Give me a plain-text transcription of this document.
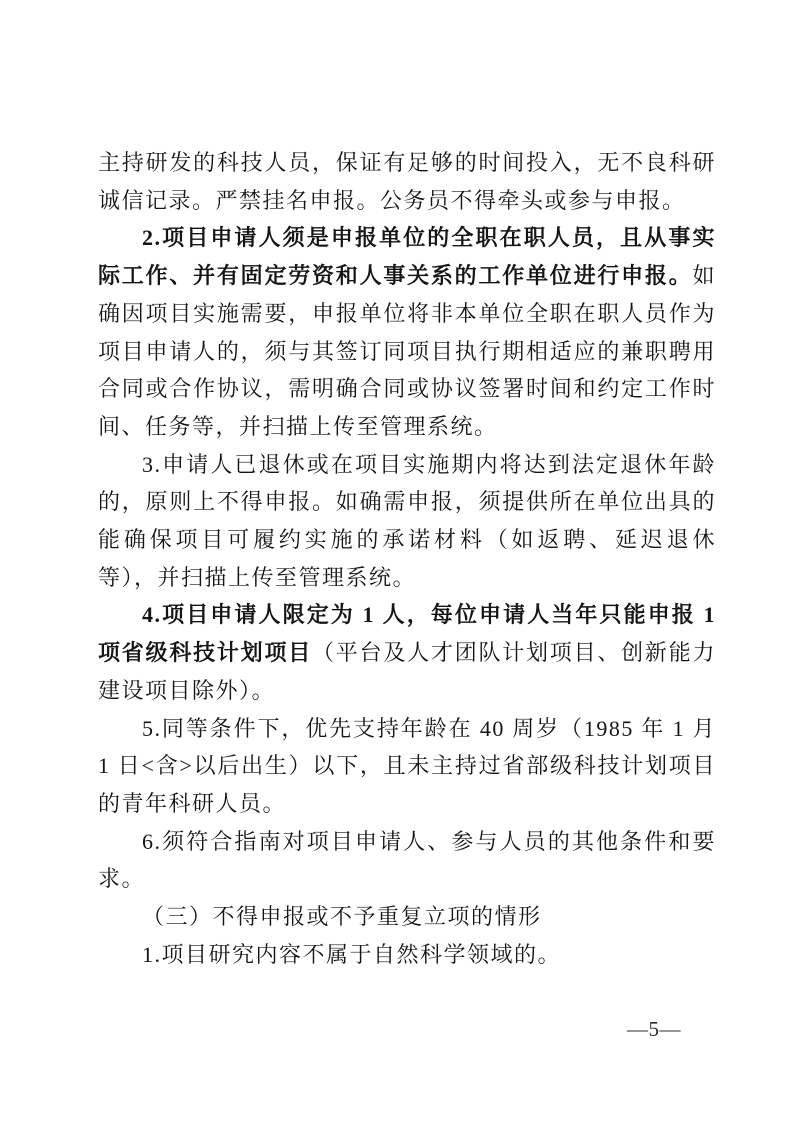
主持研发的科技人员，保证有足够的时间投入，无不良科研诚信记录。严禁挂名申报。公务员不得牵头或参与申报。

2.项目申请人须是申报单位的全职在职人员，且从事实际工作、并有固定劳资和人事关系的工作单位进行申报。如确因项目实施需要，申报单位将非本单位全职在职人员作为项目申请人的，须与其签订同项目执行期相适应的兼职聘用合同或合作协议，需明确合同或协议签署时间和约定工作时间、任务等，并扫描上传至管理系统。

3.申请人已退休或在项目实施期内将达到法定退休年龄的，原则上不得申报。如确需申报，须提供所在单位出具的能确保项目可履约实施的承诺材料（如返聘、延迟退休等），并扫描上传至管理系统。

4.项目申请人限定为 1 人，每位申请人当年只能申报 1 项省级科技计划项目（平台及人才团队计划项目、创新能力建设项目除外）。

5.同等条件下，优先支持年龄在 40 周岁（1985 年 1 月 1 日<含>以后出生）以下，且未主持过省部级科技计划项目的青年科研人员。

6.须符合指南对项目申请人、参与人员的其他条件和要求。

（三）不得申报或不予重复立项的情形

1.项目研究内容不属于自然科学领域的。

—5—
